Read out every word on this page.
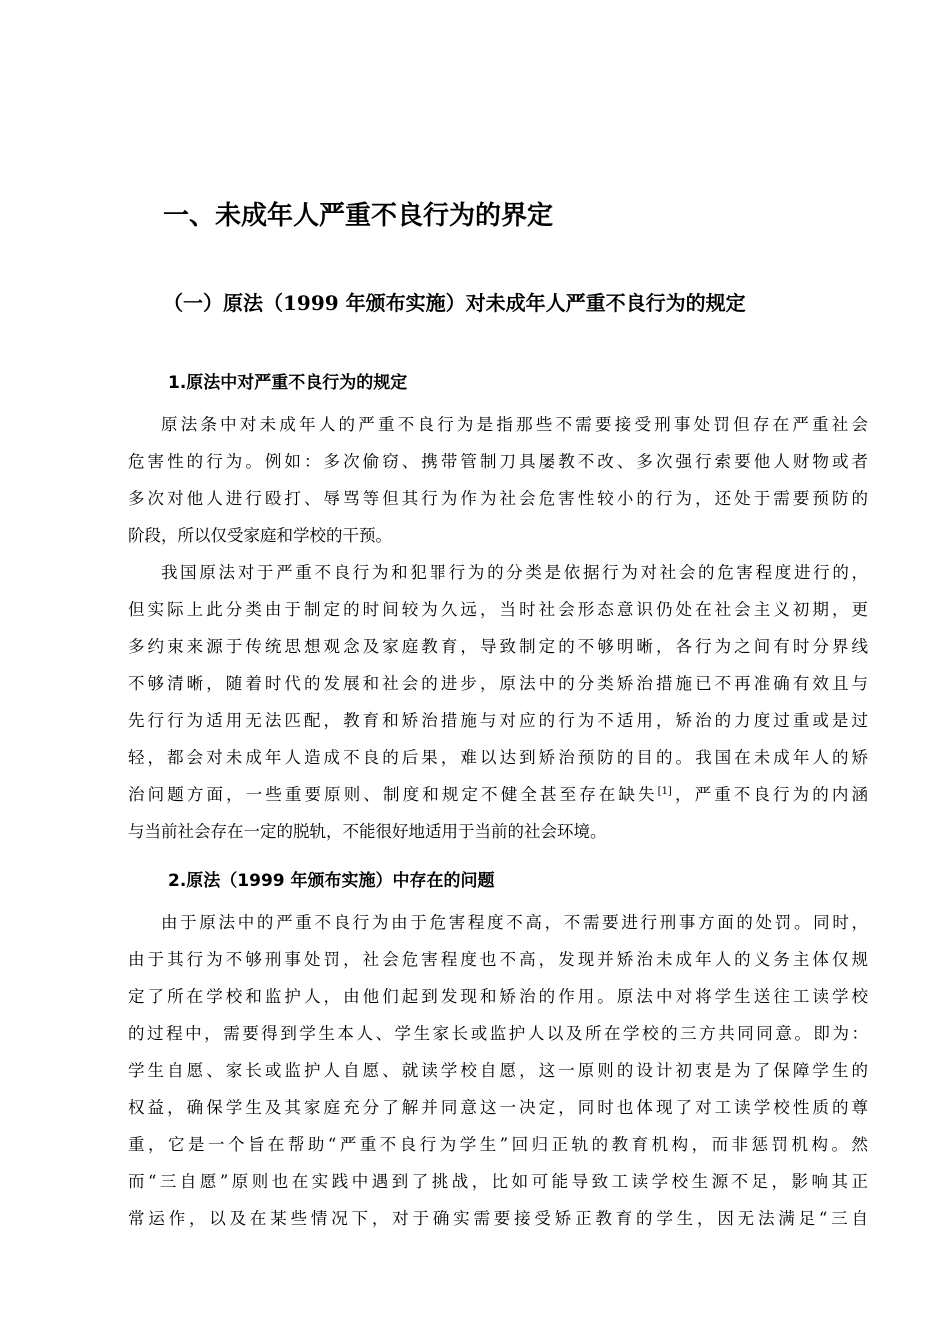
一、未成年人严重不良行为的界定
（一）原法（1999 年颁布实施）对未成年人严重不良行为的规定
1.原法中对严重不良行为的规定
原法条中对未成年人的严重不良行为是指那些不需要接受刑事处罚但存在严重社会
危害性的行为。例如：多次偷窃、携带管制刀具屡教不改、多次强行索要他人财物或者
多次对他人进行殴打、辱骂等但其行为作为社会危害性较小的行为，还处于需要预防的
阶段，所以仅受家庭和学校的干预。
我国原法对于严重不良行为和犯罪行为的分类是依据行为对社会的危害程度进行的，
但实际上此分类由于制定的时间较为久远，当时社会形态意识仍处在社会主义初期，更
多约束来源于传统思想观念及家庭教育，导致制定的不够明晰，各行为之间有时分界线
不够清晰，随着时代的发展和社会的进步，原法中的分类矫治措施已不再准确有效且与
先行行为适用无法匹配，教育和矫治措施与对应的行为不适用，矫治的力度过重或是过
轻，都会对未成年人造成不良的后果，难以达到矫治预防的目的。我国在未成年人的矫
治问题方面，一些重要原则、制度和规定不健全甚至存在缺失[1]，严重不良行为的内涵
与当前社会存在一定的脱轨，不能很好地适用于当前的社会环境。
2.原法（1999 年颁布实施）中存在的问题
由于原法中的严重不良行为由于危害程度不高，不需要进行刑事方面的处罚。同时，
由于其行为不够刑事处罚，社会危害程度也不高，发现并矫治未成年人的义务主体仅规
定了所在学校和监护人，由他们起到发现和矫治的作用。原法中对将学生送往工读学校
的过程中，需要得到学生本人、学生家长或监护人以及所在学校的三方共同同意。即为：
学生自愿、家长或监护人自愿、就读学校自愿，这一原则的设计初衷是为了保障学生的
权益，确保学生及其家庭充分了解并同意这一决定，同时也体现了对工读学校性质的尊
重，它是一个旨在帮助“严重不良行为学生”回归正轨的教育机构，而非惩罚机构。然
而“三自愿”原则也在实践中遇到了挑战，比如可能导致工读学校生源不足，影响其正
常运作，以及在某些情况下，对于确实需要接受矫正教育的学生，因无法满足“三自
